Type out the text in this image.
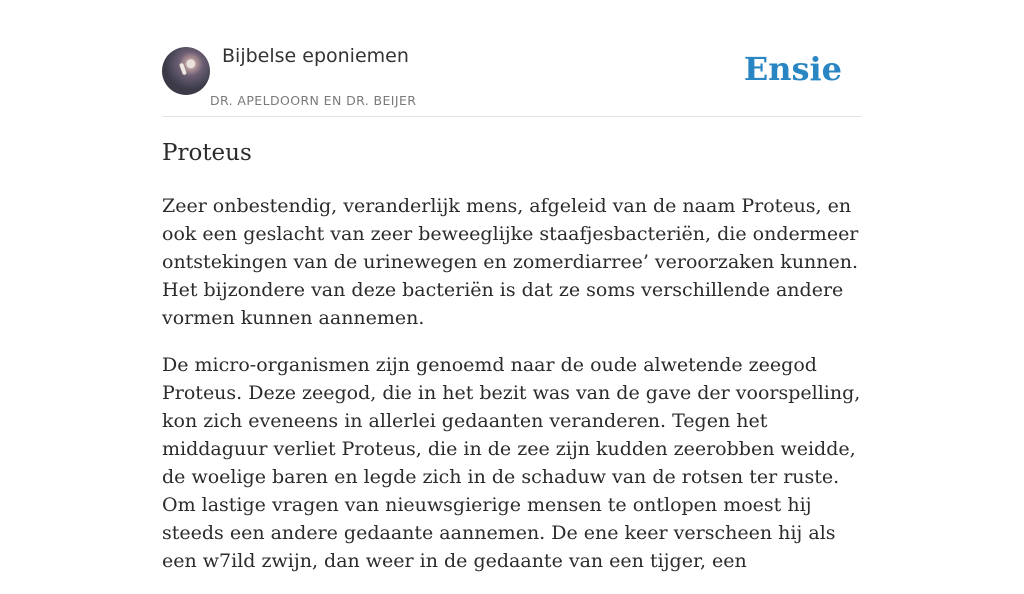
Bijbelse eponiemen
DR. APELDOORN EN DR. BEIJER
Ensie
Proteus

Zeer onbestendig, veranderlijk mens, afgeleid van de naam Proteus, en ook een geslacht van zeer beweeglijke staafjesbacteriën, die ondermeer ontstekingen van de urinewegen en zomerdiarree’ veroorzaken kunnen. Het bijzondere van deze bacteriën is dat ze soms verschillende andere vormen kunnen aannemen.

De micro-organismen zijn genoemd naar de oude alwetende zeegod Proteus. Deze zeegod, die in het bezit was van de gave der voorspelling, kon zich eveneens in allerlei gedaanten veranderen. Tegen het middaguur verliet Proteus, die in de zee zijn kudden zeerobben weidde, de woelige baren en legde zich in de schaduw van de rotsen ter ruste. Om lastige vragen van nieuwsgierige mensen te ontlopen moest hij steeds een andere gedaante aannemen. De ene keer verscheen hij als een w7ild zwijn, dan weer in de gedaante van een tijger, een
